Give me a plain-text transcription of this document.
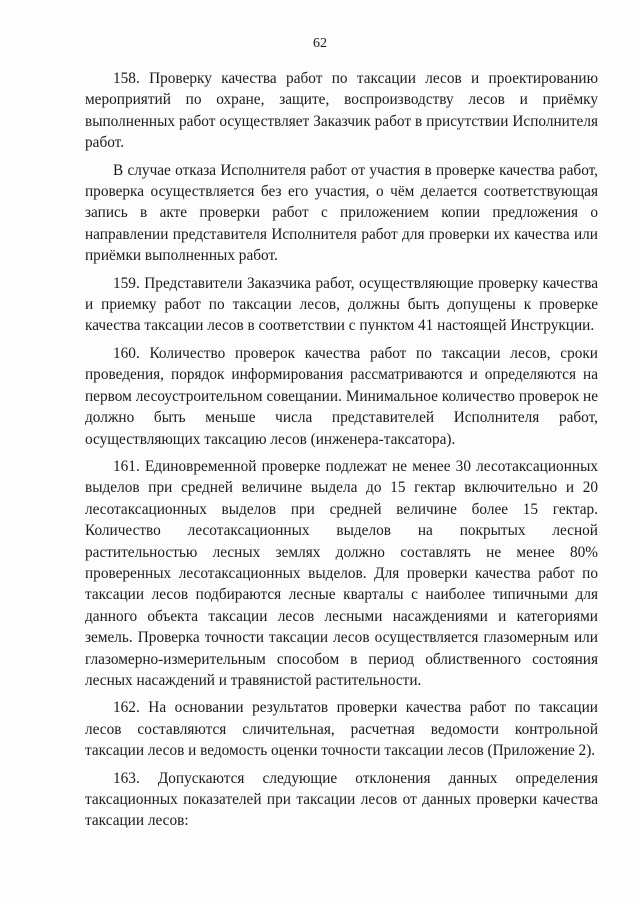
62

158. Проверку качества работ по таксации лесов и проектированию мероприятий по охране, защите, воспроизводству лесов и приёмку выполненных работ осуществляет Заказчик работ в присутствии Исполнителя работ.

В случае отказа Исполнителя работ от участия в проверке качества работ, проверка осуществляется без его участия, о чём делается соответствующая запись в акте проверки работ с приложением копии предложения о направлении представителя Исполнителя работ для проверки их качества или приёмки выполненных работ.

159. Представители Заказчика работ, осуществляющие проверку качества и приемку работ по таксации лесов, должны быть допущены к проверке качества таксации лесов в соответствии с пунктом 41 настоящей Инструкции.

160. Количество проверок качества работ по таксации лесов, сроки проведения, порядок информирования рассматриваются и определяются на первом лесоустроительном совещании. Минимальное количество проверок не должно быть меньше числа представителей Исполнителя работ, осуществляющих таксацию лесов (инженера-таксатора).

161. Единовременной проверке подлежат не менее 30 лесотаксационных выделов при средней величине выдела до 15 гектар включительно и 20 лесотаксационных выделов при средней величине более 15 гектар. Количество лесотаксационных выделов на покрытых лесной растительностью лесных землях должно составлять не менее 80% проверенных лесотаксационных выделов. Для проверки качества работ по таксации лесов подбираются лесные кварталы с наиболее типичными для данного объекта таксации лесов лесными насаждениями и категориями земель. Проверка точности таксации лесов осуществляется глазомерным или глазомерно-измерительным способом в период облиственного состояния лесных насаждений и травянистой растительности.

162. На основании результатов проверки качества работ по таксации лесов составляются сличительная, расчетная ведомости контрольной таксации лесов и ведомость оценки точности таксации лесов (Приложение 2).

163. Допускаются следующие отклонения данных определения таксационных показателей при таксации лесов от данных проверки качества таксации лесов:
